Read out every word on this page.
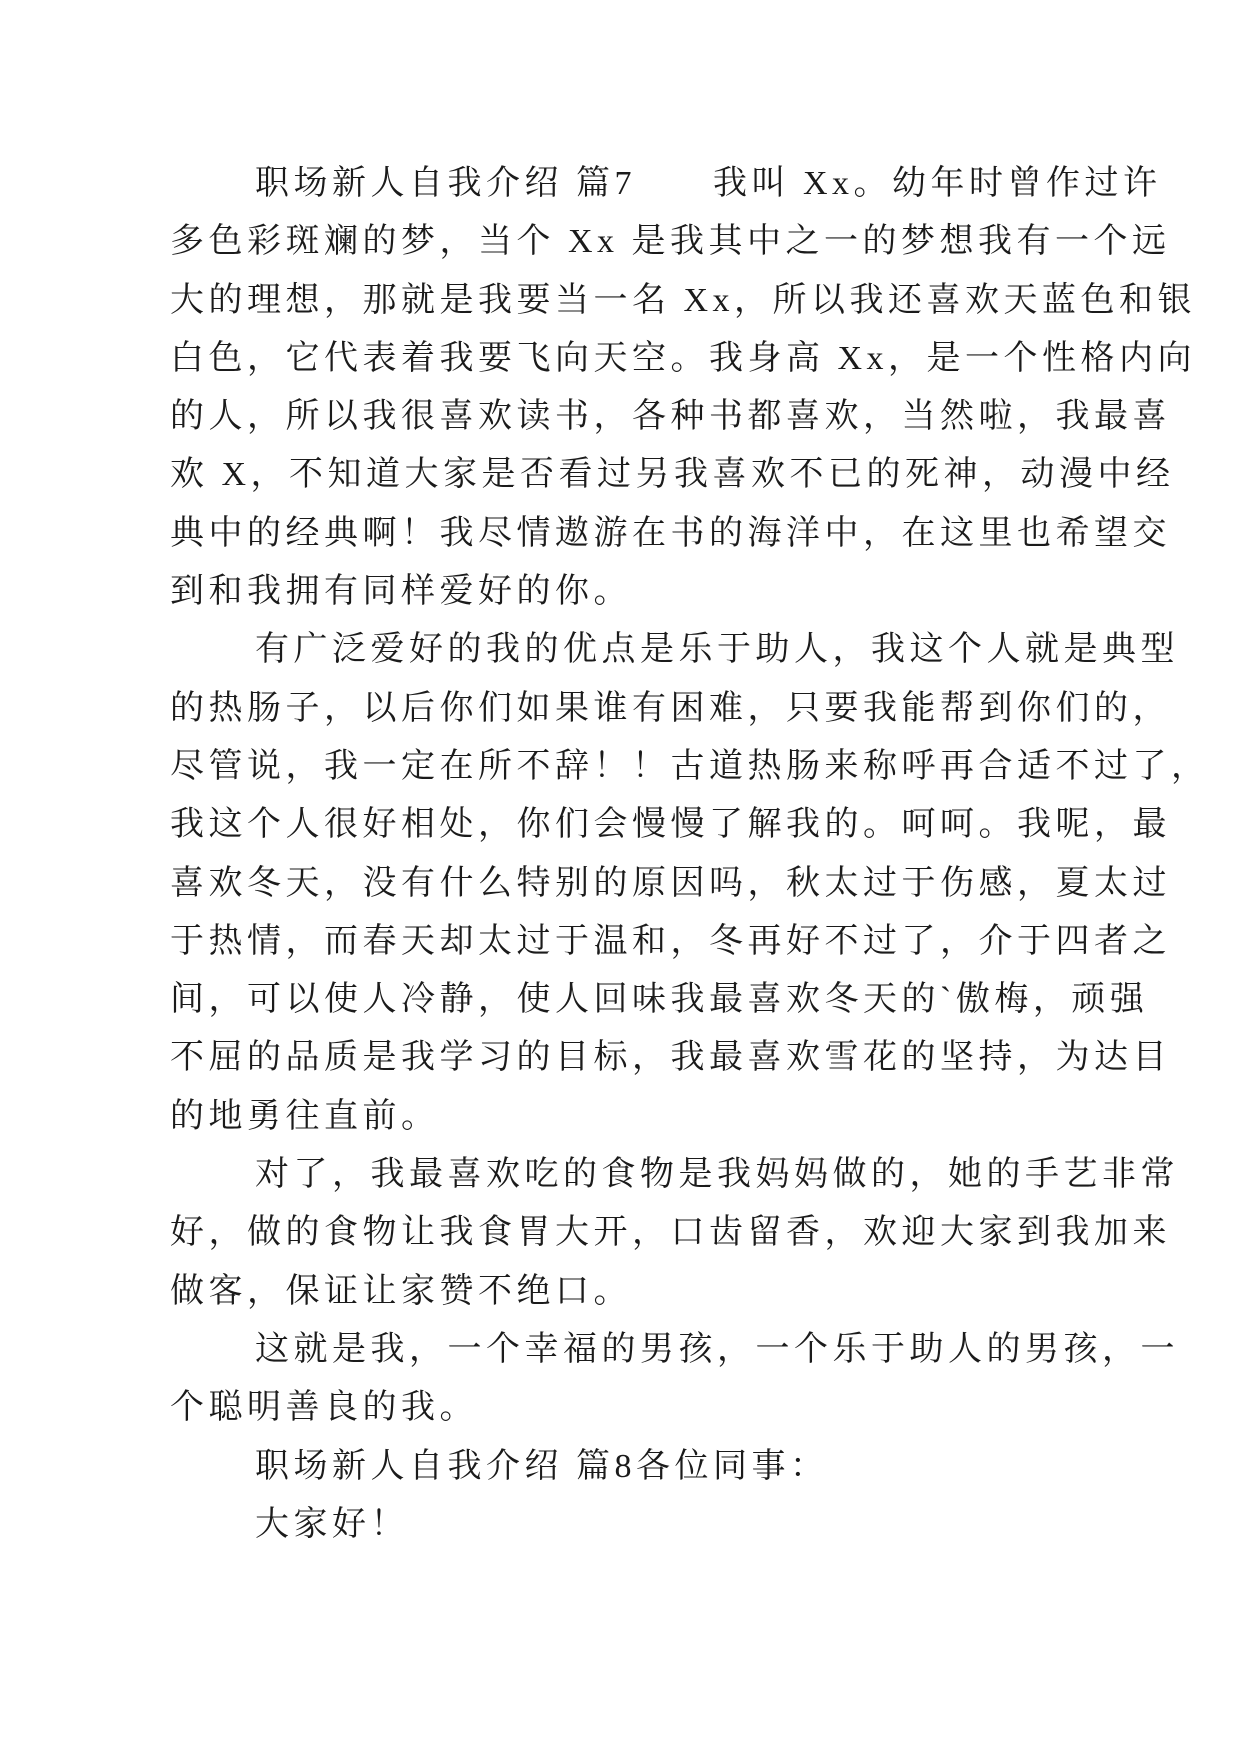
职场新人自我介绍 篇7　　我叫 Xx。幼年时曾作过许
多色彩斑斓的梦，当个 Xx 是我其中之一的梦想我有一个远
大的理想，那就是我要当一名 Xx，所以我还喜欢天蓝色和银
白色，它代表着我要飞向天空。我身高 Xx，是一个性格内向
的人，所以我很喜欢读书，各种书都喜欢，当然啦，我最喜
欢 X，不知道大家是否看过另我喜欢不已的死神，动漫中经
典中的经典啊！我尽情遨游在书的海洋中，在这里也希望交
到和我拥有同样爱好的你。
有广泛爱好的我的优点是乐于助人，我这个人就是典型
的热肠子，以后你们如果谁有困难，只要我能帮到你们的，
尽管说，我一定在所不辞！！古道热肠来称呼再合适不过了，
我这个人很好相处，你们会慢慢了解我的。呵呵。我呢，最
喜欢冬天，没有什么特别的原因吗，秋太过于伤感，夏太过
于热情，而春天却太过于温和，冬再好不过了，介于四者之
间，可以使人冷静，使人回味我最喜欢冬天的`傲梅，顽强
不屈的品质是我学习的目标，我最喜欢雪花的坚持，为达目
的地勇往直前。
对了，我最喜欢吃的食物是我妈妈做的，她的手艺非常
好，做的食物让我食胃大开，口齿留香，欢迎大家到我加来
做客，保证让家赞不绝口。
这就是我，一个幸福的男孩，一个乐于助人的男孩，一
个聪明善良的我。
职场新人自我介绍 篇8各位同事：
大家好！
